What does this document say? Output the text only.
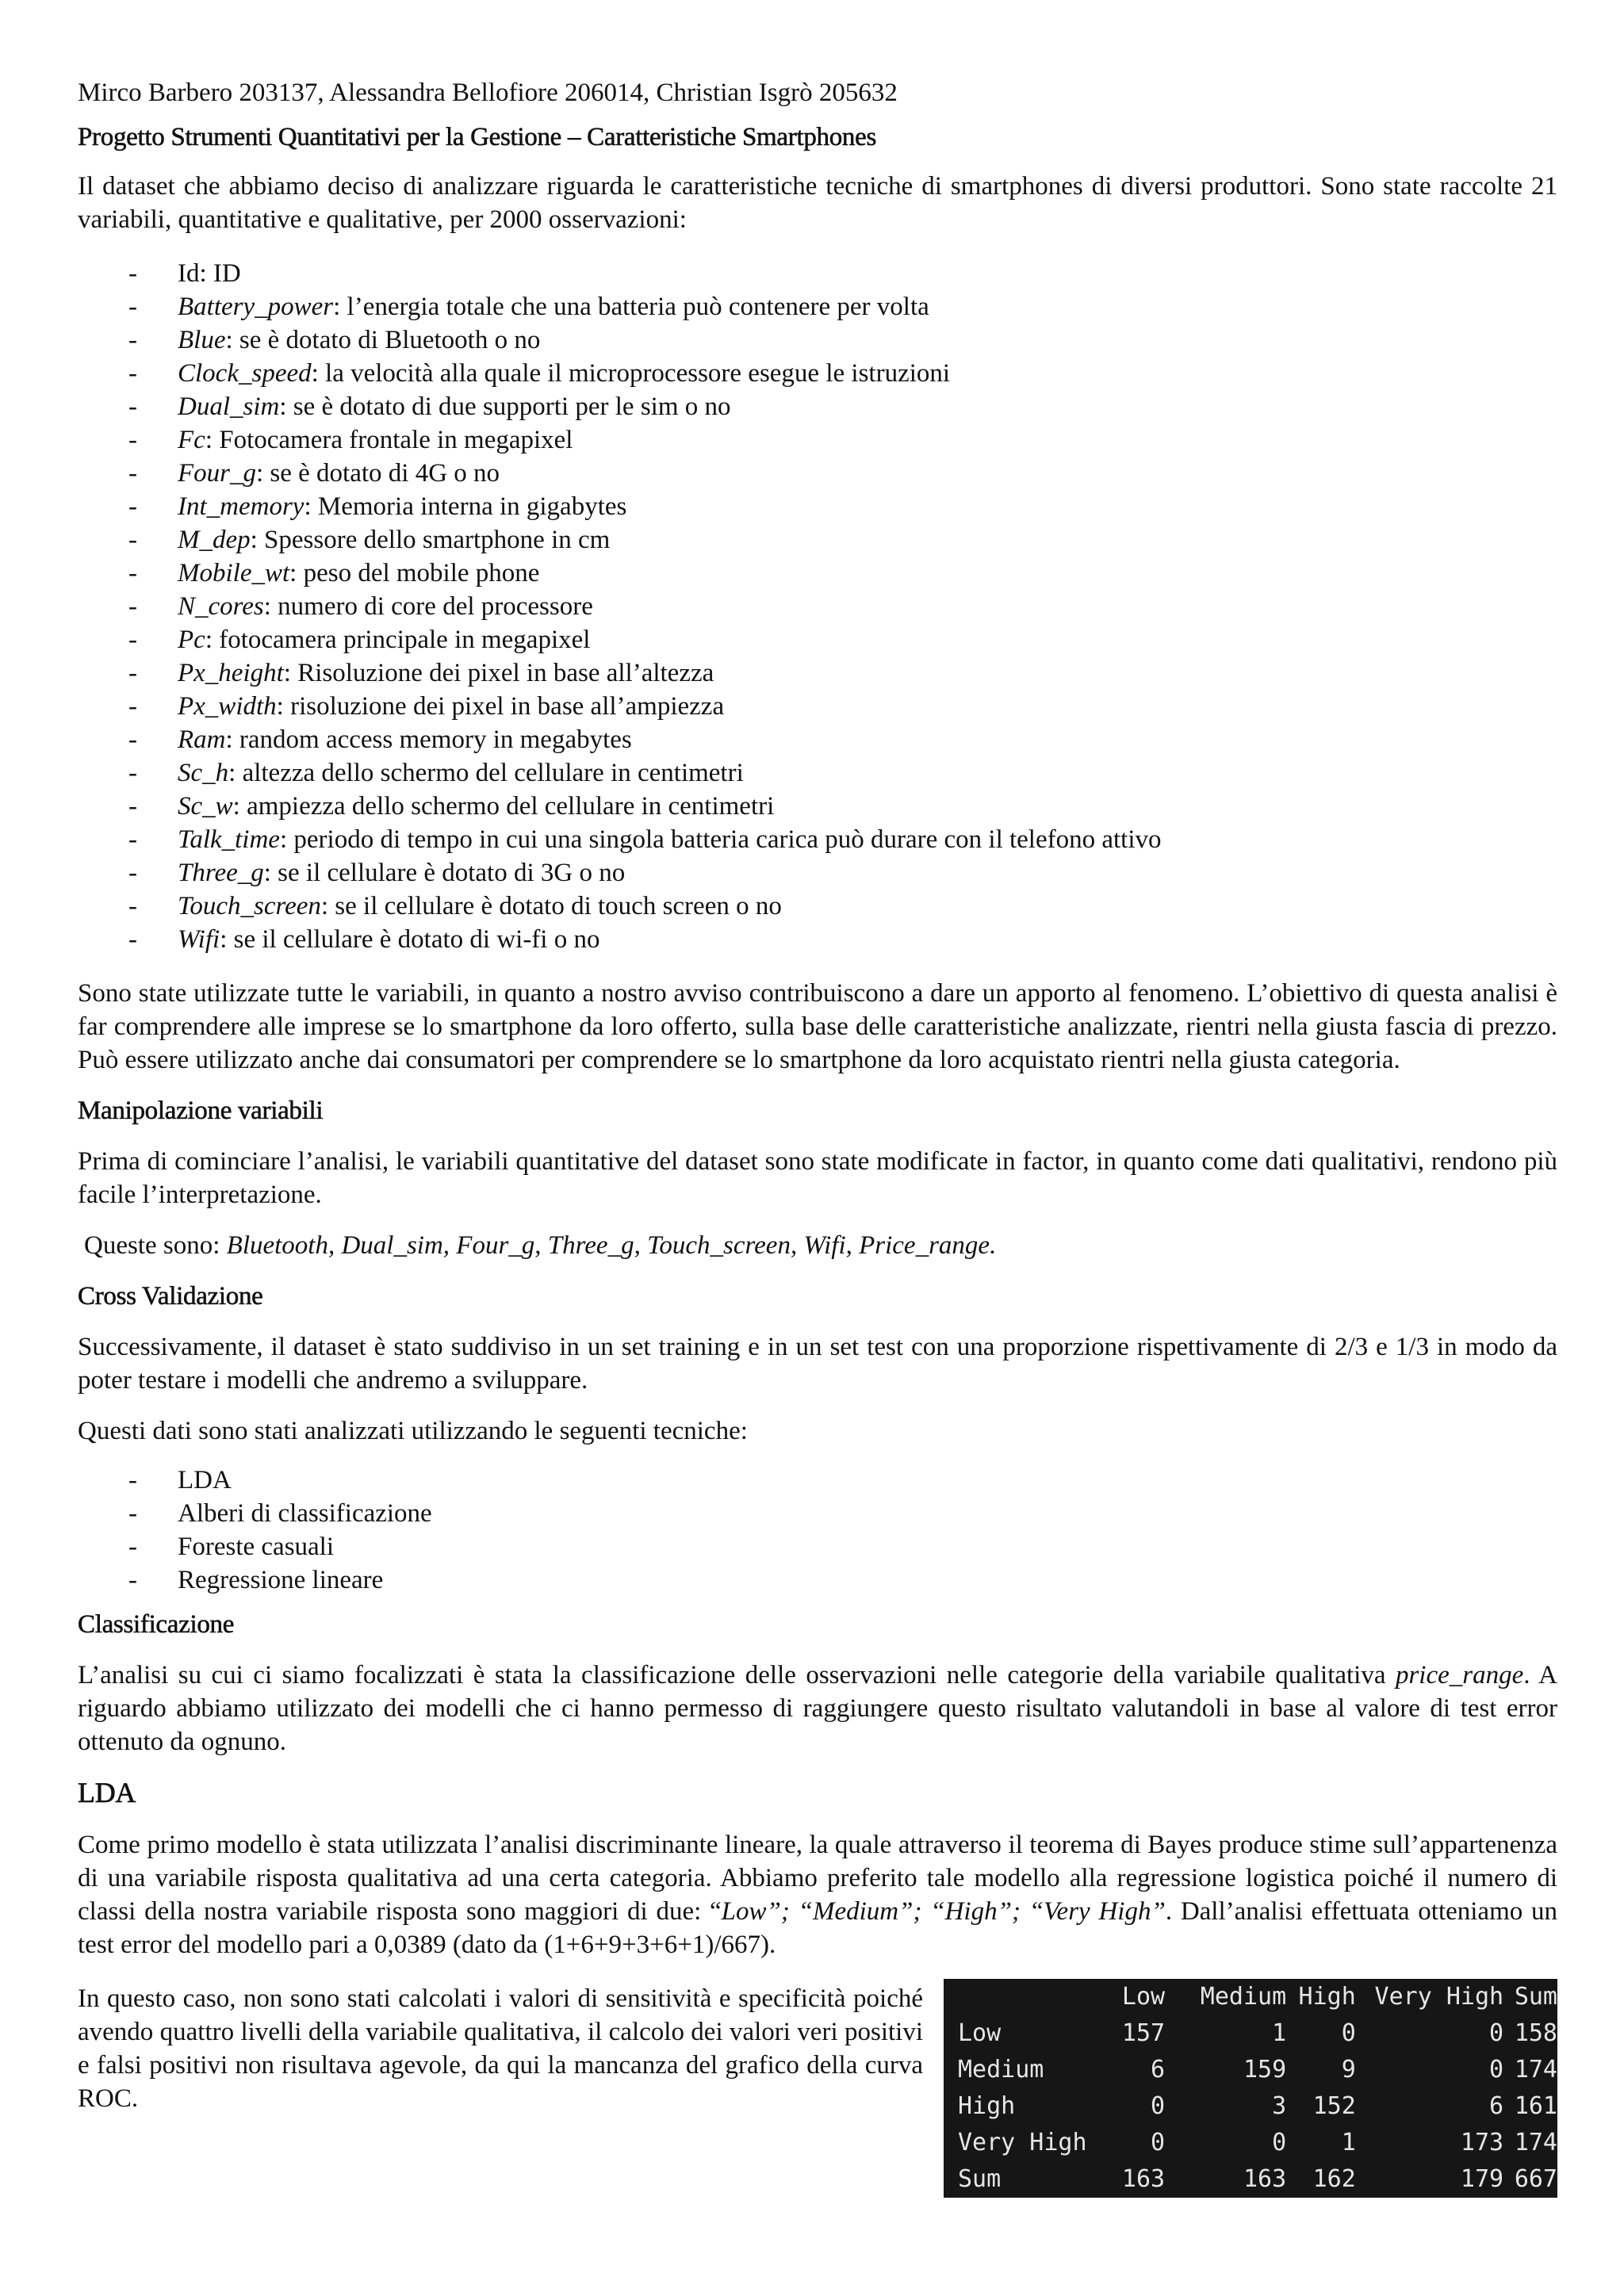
Mirco Barbero 203137, Alessandra Bellofiore 206014, Christian Isgrò 205632

Progetto Strumenti Quantitativi per la Gestione – Caratteristiche Smartphones

Il dataset che abbiamo deciso di analizzare riguarda le caratteristiche tecniche di smartphones di diversi produttori. Sono state raccolte 21 variabili, quantitative e qualitative, per 2000 osservazioni:

- Id: ID
- Battery_power: l’energia totale che una batteria può contenere per volta
- Blue: se è dotato di Bluetooth o no
- Clock_speed: la velocità alla quale il microprocessore esegue le istruzioni
- Dual_sim: se è dotato di due supporti per le sim o no
- Fc: Fotocamera frontale in megapixel
- Four_g: se è dotato di 4G o no
- Int_memory: Memoria interna in gigabytes
- M_dep: Spessore dello smartphone in cm
- Mobile_wt: peso del mobile phone
- N_cores: numero di core del processore
- Pc: fotocamera principale in megapixel
- Px_height: Risoluzione dei pixel in base all’altezza
- Px_width: risoluzione dei pixel in base all’ampiezza
- Ram: random access memory in megabytes
- Sc_h: altezza dello schermo del cellulare in centimetri
- Sc_w: ampiezza dello schermo del cellulare in centimetri
- Talk_time: periodo di tempo in cui una singola batteria carica può durare con il telefono attivo
- Three_g: se il cellulare è dotato di 3G o no
- Touch_screen: se il cellulare è dotato di touch screen o no
- Wifi: se il cellulare è dotato di wi-fi o no

Sono state utilizzate tutte le variabili, in quanto a nostro avviso contribuiscono a dare un apporto al fenomeno. L’obiettivo di questa analisi è far comprendere alle imprese se lo smartphone da loro offerto, sulla base delle caratteristiche analizzate, rientri nella giusta fascia di prezzo. Può essere utilizzato anche dai consumatori per comprendere se lo smartphone da loro acquistato rientri nella giusta categoria.

Manipolazione variabili

Prima di cominciare l’analisi, le variabili quantitative del dataset sono state modificate in factor, in quanto come dati qualitativi, rendono più facile l’interpretazione.

Queste sono: Bluetooth, Dual_sim, Four_g, Three_g, Touch_screen, Wifi, Price_range.

Cross Validazione

Successivamente, il dataset è stato suddiviso in un set training e in un set test con una proporzione rispettivamente di 2/3 e 1/3 in modo da poter testare i modelli che andremo a sviluppare.

Questi dati sono stati analizzati utilizzando le seguenti tecniche:

- LDA
- Alberi di classificazione
- Foreste casuali
- Regressione lineare

Classificazione

L’analisi su cui ci siamo focalizzati è stata la classificazione delle osservazioni nelle categorie della variabile qualitativa price_range. A riguardo abbiamo utilizzato dei modelli che ci hanno permesso di raggiungere questo risultato valutandoli in base al valore di test error ottenuto da ognuno.

LDA

Come primo modello è stata utilizzata l’analisi discriminante lineare, la quale attraverso il teorema di Bayes produce stime sull’appartenenza di una variabile risposta qualitativa ad una certa categoria. Abbiamo preferito tale modello alla regressione logistica poiché il numero di classi della nostra variabile risposta sono maggiori di due: “Low”; “Medium”; “High”; “Very High”. Dall’analisi effettuata otteniamo un test error del modello pari a 0,0389 (dato da (1+6+9+3+6+1)/667).

In questo caso, non sono stati calcolati i valori di sensitività e specificità poiché avendo quattro livelli della variabile qualitativa, il calcolo dei valori veri positivi e falsi positivi non risultava agevole, da qui la mancanza del grafico della curva ROC.

	Low	Medium	High	Very High	Sum
Low	157	1	0	0	158
Medium	6	159	9	0	174
High	0	3	152	6	161
Very High	0	0	1	173	174
Sum	163	163	162	179	667
